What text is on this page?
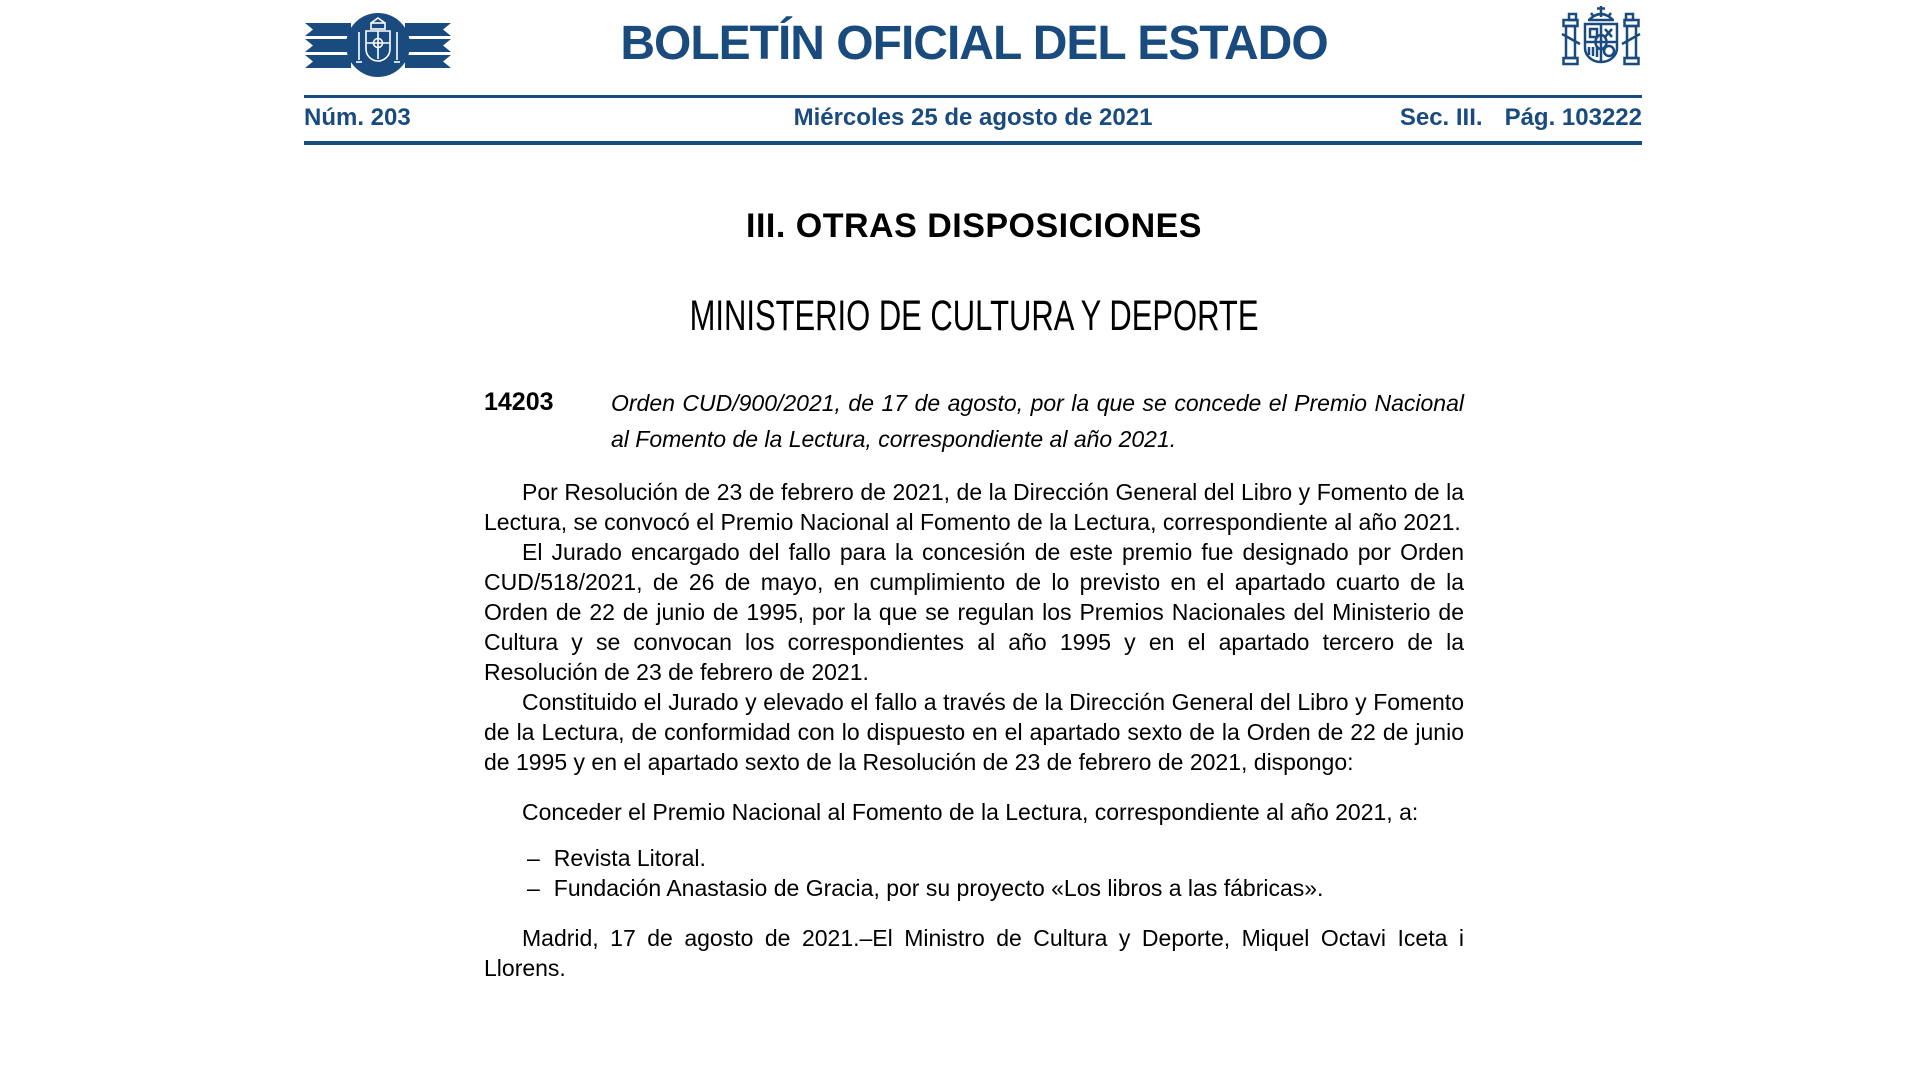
BOLETÍN OFICIAL DEL ESTADO
Núm. 203	Miércoles 25 de agosto de 2021	Sec. III. Pág. 103222
III. OTRAS DISPOSICIONES
MINISTERIO DE CULTURA Y DEPORTE
14203	Orden CUD/900/2021, de 17 de agosto, por la que se concede el Premio Nacional al Fomento de la Lectura, correspondiente al año 2021.

Por Resolución de 23 de febrero de 2021, de la Dirección General del Libro y Fomento de la Lectura, se convocó el Premio Nacional al Fomento de la Lectura, correspondiente al año 2021.

El Jurado encargado del fallo para la concesión de este premio fue designado por Orden CUD/518/2021, de 26 de mayo, en cumplimiento de lo previsto en el apartado cuarto de la Orden de 22 de junio de 1995, por la que se regulan los Premios Nacionales del Ministerio de Cultura y se convocan los correspondientes al año 1995 y en el apartado tercero de la Resolución de 23 de febrero de 2021.

Constituido el Jurado y elevado el fallo a través de la Dirección General del Libro y Fomento de la Lectura, de conformidad con lo dispuesto en el apartado sexto de la Orden de 22 de junio de 1995 y en el apartado sexto de la Resolución de 23 de febrero de 2021, dispongo:

Conceder el Premio Nacional al Fomento de la Lectura, correspondiente al año 2021, a:

– Revista Litoral.
– Fundación Anastasio de Gracia, por su proyecto «Los libros a las fábricas».

Madrid, 17 de agosto de 2021.–El Ministro de Cultura y Deporte, Miquel Octavi Iceta i Llorens.
